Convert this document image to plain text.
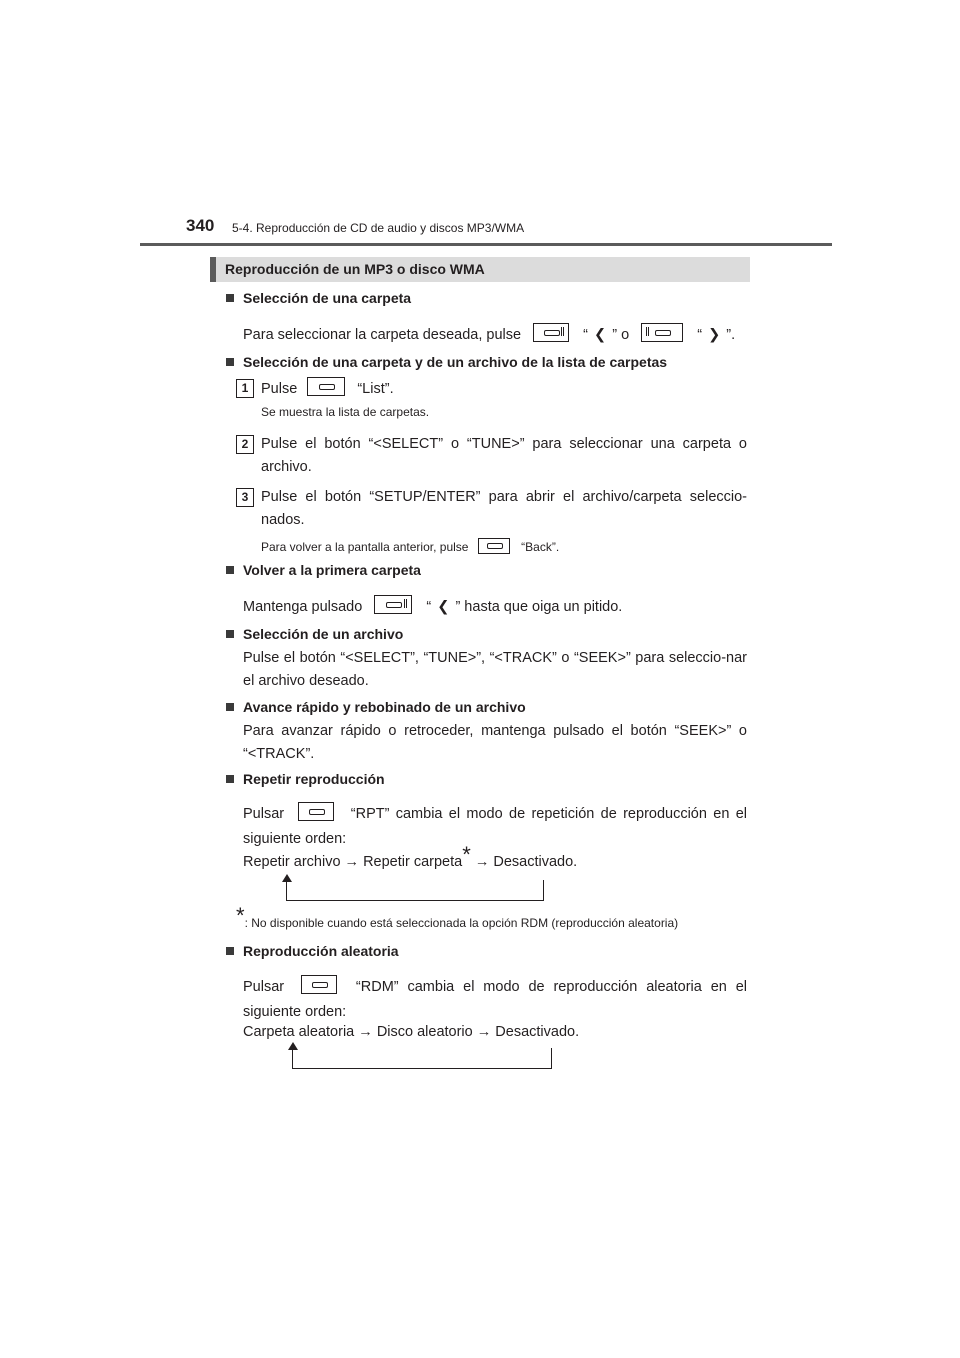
340 5-4. Reproducción de CD de audio y discos MP3/WMA
Reproducción de un MP3 o disco WMA
Selección de una carpeta
Para seleccionar la carpeta deseada, pulse	“ ❮ ” o	“ ❯ ”.
Selección de una carpeta y de un archivo de la lista de carpetas
1 Pulse	“List”.
Se muestra la lista de carpetas.
2 Pulse el botón “<SELECT” o “TUNE>” para seleccionar una carpeta o archivo.
3 Pulse el botón “SETUP/ENTER” para abrir el archivo/carpeta seleccio-nados.
Para volver a la pantalla anterior, pulse	“Back”.
Volver a la primera carpeta
Mantenga pulsado	“ ❮ ” hasta que oiga un pitido.
Selección de un archivo
Pulse el botón “<SELECT”, “TUNE>”, “<TRACK” o “SEEK>” para seleccio-nar el archivo deseado.
Avance rápido y rebobinado de un archivo
Para avanzar rápido o retroceder, mantenga pulsado el botón “SEEK>” o “<TRACK”.
Repetir reproducción
Pulsar	“RPT” cambia el modo de repetición de reproducción en el siguiente orden:
Repetir archivo → Repetir carpeta* → Desactivado.
*: No disponible cuando está seleccionada la opción RDM (reproducción aleatoria)
Reproducción aleatoria
Pulsar	“RDM” cambia el modo de reproducción aleatoria en el siguiente orden:
Carpeta aleatoria → Disco aleatorio → Desactivado.
